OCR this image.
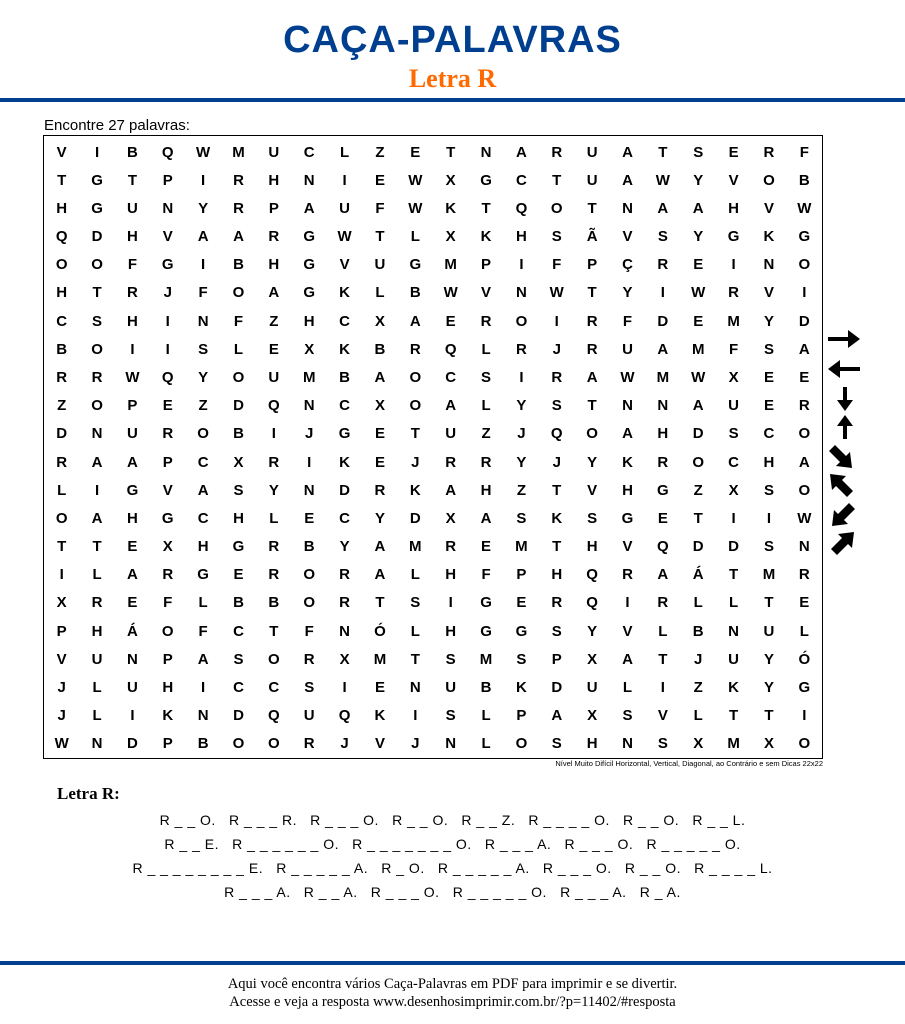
CAÇA-PALAVRAS
Letra R
Encontre 27 palavras:
V	I	B	Q	W	M	U	C	L	Z	E	T	N	A	R	U	A	T	S	E	R	F
T	G	T	P	I	R	H	N	I	E	W	X	G	C	T	U	A	W	Y	V	O	B
H	G	U	N	Y	R	P	A	U	F	W	K	T	Q	O	T	N	A	A	H	V	W
Q	D	H	V	A	A	R	G	W	T	L	X	K	H	S	Ã	V	S	Y	G	K	G
O	O	F	G	I	B	H	G	V	U	G	M	P	I	F	P	Ç	R	E	I	N	O
H	T	R	J	F	O	A	G	K	L	B	W	V	N	W	T	Y	I	W	R	V	I
C	S	H	I	N	F	Z	H	C	X	A	E	R	O	I	R	F	D	E	M	Y	D
B	O	I	I	S	L	E	X	K	B	R	Q	L	R	J	R	U	A	M	F	S	A
R	R	W	Q	Y	O	U	M	B	A	O	C	S	I	R	A	W	M	W	X	E	E
Z	O	P	E	Z	D	Q	N	C	X	O	A	L	Y	S	T	N	N	A	U	E	R
D	N	U	R	O	B	I	J	G	E	T	U	Z	J	Q	O	A	H	D	S	C	O
R	A	A	P	C	X	R	I	K	E	J	R	R	Y	J	Y	K	R	O	C	H	A
L	I	G	V	A	S	Y	N	D	R	K	A	H	Z	T	V	H	G	Z	X	S	O
O	A	H	G	C	H	L	E	C	Y	D	X	A	S	K	S	G	E	T	I	I	W
T	T	E	X	H	G	R	B	Y	A	M	R	E	M	T	H	V	Q	D	D	S	N
I	L	A	R	G	E	R	O	R	A	L	H	F	P	H	Q	R	A	Á	T	M	R
X	R	E	F	L	B	B	O	R	T	S	I	G	E	R	Q	I	R	L	L	T	E
P	H	Á	O	F	C	T	F	N	Ó	L	H	G	G	S	Y	V	L	B	N	U	L
V	U	N	P	A	S	O	R	X	M	T	S	M	S	P	X	A	T	J	U	Y	Ó
J	L	U	H	I	C	C	S	I	E	N	U	B	K	D	U	L	I	Z	K	Y	G
J	L	I	K	N	D	Q	U	Q	K	I	S	L	P	A	X	S	V	L	T	T	I
W	N	D	P	B	O	O	R	J	V	J	N	L	O	S	H	N	S	X	M	X	O
Nível Muito Difícil Horizontal, Vertical, Diagonal, ao Contrário e sem Dicas 22x22
Letra R:
R _ _ O.   R _ _ _ R.   R _ _ _ O.   R _ _ O.   R _ _ Z.   R _ _ _ _ O.   R _ _ O.   R _ _ L.
R _ _ E.   R _ _ _ _ _ _ O.   R _ _ _ _ _ _ _ O.   R _ _ _ A.   R _ _ _ O.   R _ _ _ _ _ O.
R _ _ _ _ _ _ _ _ E.   R _ _ _ _ _ A.   R _ O.   R _ _ _ _ _ A.   R _ _ _ O.   R _ _ O.   R _ _ _ _ L.
R _ _ _ A.   R _ _ A.   R _ _ _ O.   R _ _ _ _ _ O.   R _ _ _ A.   R _ A.
Aqui você encontra vários Caça-Palavras em PDF para imprimir e se divertir.
Acesse e veja a resposta www.desenhosimprimir.com.br/?p=11402/#resposta
